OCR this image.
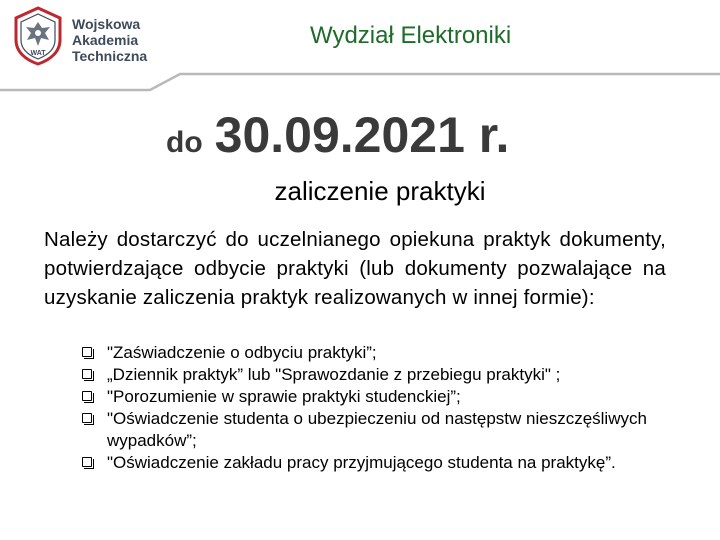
WAT
Wojskowa
Akademia
Techniczna
Wydział Elektroniki
do 30.09.2021 r.
zaliczenie praktyki
Należy dostarczyć do uczelnianego opiekuna praktyk dokumenty, potwierdzające odbycie praktyki (lub dokumenty pozwalające na uzyskanie zaliczenia praktyk realizowanych w innej formie):
"Zaświadczenie o odbyciu praktyki”;
„Dziennik praktyk” lub "Sprawozdanie z przebiegu praktyki" ;
"Porozumienie w sprawie praktyki studenckiej”;
"Oświadczenie studenta o ubezpieczeniu od następstw nieszczęśliwych wypadków”;
"Oświadczenie zakładu pracy przyjmującego studenta na praktykę”.
